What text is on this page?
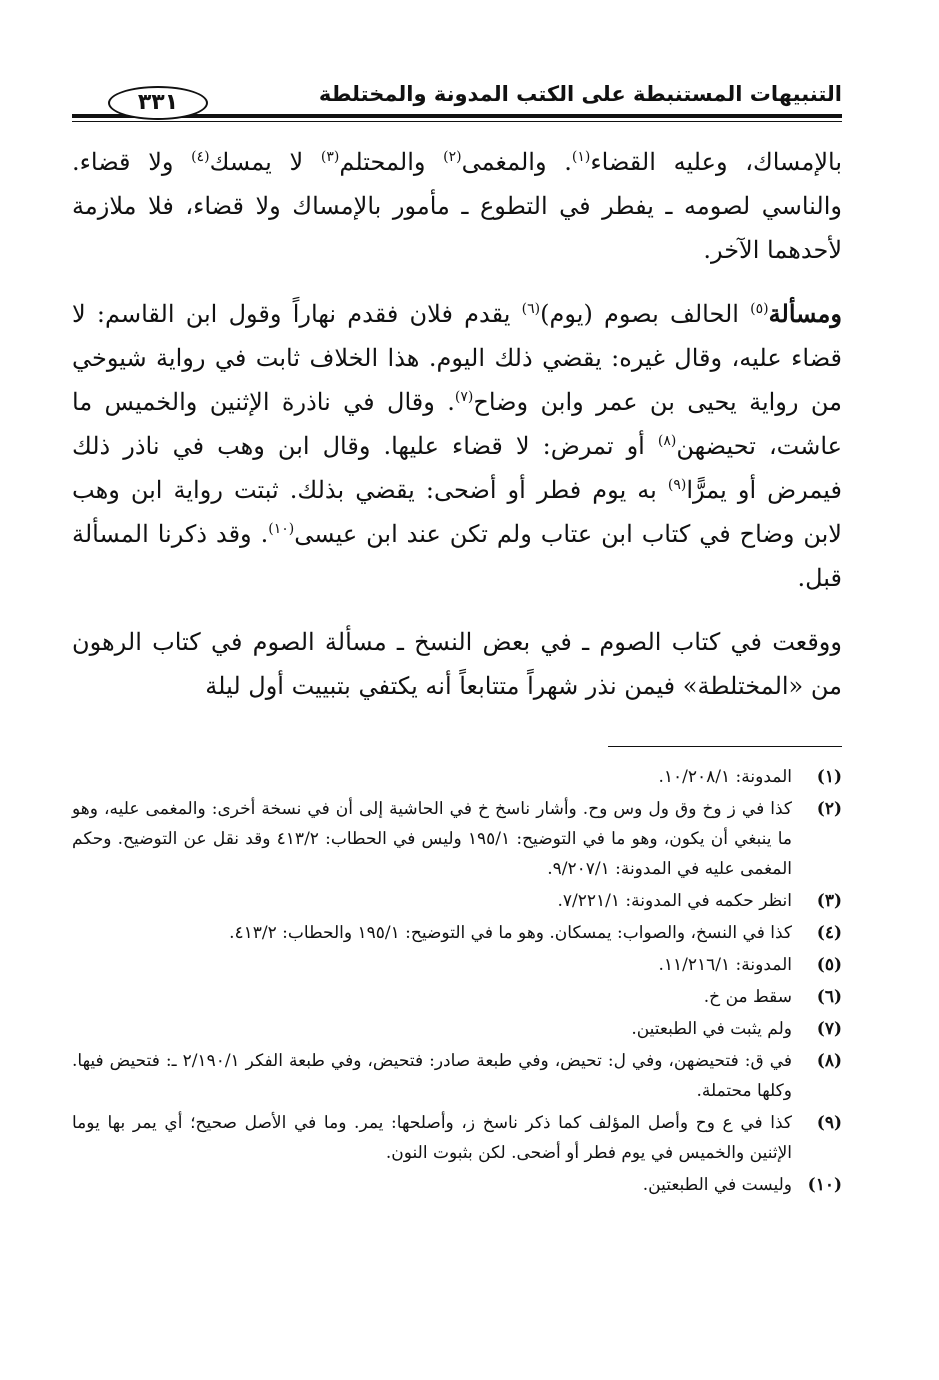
التنبيهات المستنبطة على الكتب المدونة والمختلطة
٣٣١

بالإمساك، وعليه القضاء$^{(١)}$. والمغمى$^{(٢)}$ والمحتلم$^{(٣)}$ لا يمسك$^{(٤)}$ ولا قضاء. والناسي لصومه ـ يفطر في التطوع ـ مأمور بالإمساك ولا قضاء، فلا ملازمة لأحدهما الآخر.

ومسألة$^{(٥)}$ الحالف بصوم (يوم)$^{(٦)}$ يقدم فلان فقدم نهاراً وقول ابن القاسم: لا قضاء عليه، وقال غيره: يقضي ذلك اليوم. هذا الخلاف ثابت في رواية شيوخي من رواية يحيى بن عمر وابن وضاح$^{(٧)}$. وقال في ناذرة الإثنين والخميس ما عاشت، تحيضهن$^{(٨)}$ أو تمرض: لا قضاء عليها. وقال ابن وهب في ناذر ذلك فيمرض أو يمرًّا$^{(٩)}$ به يوم فطر أو أضحى: يقضي بذلك. ثبتت رواية ابن وهب لابن وضاح في كتاب ابن عتاب ولم تكن عند ابن عيسى$^{(١٠)}$. وقد ذكرنا المسألة قبل.

ووقعت في كتاب الصوم ـ في بعض النسخ ـ مسألة الصوم في كتاب الرهون من «المختلطة» فيمن نذر شهراً متتابعاً أنه يكتفي بتبييت أول ليلة

(١)
المدونة: ١٠/٢٠٨/١.
(٢)
كذا في ز وخ وق ول وس وح. وأشار ناسخ خ في الحاشية إلى أن في نسخة أخرى: والمغمى عليه، وهو ما ينبغي أن يكون، وهو ما في التوضيح: ١٩٥/١ وليس في الحطاب: ٤١٣/٢ وقد نقل عن التوضيح. وحكم المغمى عليه في المدونة: ٩/٢٠٧/١.
(٣)
انظر حكمه في المدونة: ٧/٢٢١/١.
(٤)
كذا في النسخ، والصواب: يمسكان. وهو ما في التوضيح: ١٩٥/١ والحطاب: ٤١٣/٢.
(٥)
المدونة: ١١/٢١٦/١.
(٦)
سقط من خ.
(٧)
ولم يثبت في الطبعتين.
(٨)
في ق: فتحيضهن، وفي ل: تحيض، وفي طبعة صادر: فتحيض، وفي طبعة الفكر ٢/١٩٠/١ ـ: فتحيض فيها. وكلها محتملة.
(٩)
كذا في ع وح وأصل المؤلف كما ذكر ناسخ ز، وأصلحها: يمر. وما في الأصل صحيح؛ أي يمر بها يوما الإثنين والخميس في يوم فطر أو أضحى. لكن بثبوت النون.
(١٠)
وليست في الطبعتين.
